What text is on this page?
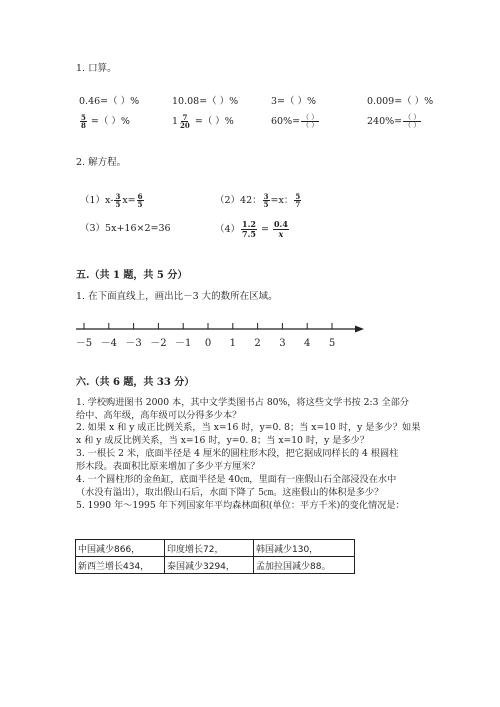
1. 口算。
0.46=（ ）%	10.08=（ ）%	3=（ ）%	0.009=（ ）%
$\frac{5}{8}$ =（ ）%	$1 \frac{7}{20}$ =（ ）%	$60\%= \frac{( )}{( )}$	$240\%= \frac{( )}{( )}$
2. 解方程。
$(1)x- \frac{3}{5} x= \frac{6}{5}$	（2）42： $\frac{3}{5} =x$： $\frac{5}{7}$
（3）5x+16×2=36	$(4) \frac{1.2}{7.5} = \frac{0.4}{x}$
五.（共 1 题，共 5 分）
1. 在下面直线上，画出比－3 大的数所在区域。
－5 －4 －3 －2 －1 0 1 2 3 4 5
六.（共 6 题，共 33 分）
1. 学校购进图书 2000 本，其中文学类图书占 80%，将这些文学书按 2:3 全部分
给中、高年级，高年级可以分得多少本？
2. 如果 x 和 y 成正比例关系，当 x=16 时，y=0. 8；当 x=10 时，y 是多少？如果
x 和 y 成反比例关系，当 x=16 时，y=0. 8；当 x=10 时，y 是多少？
3. 一根长 2 米，底面半径是 4 厘米的圆柱形木段，把它据成同样长的 4 根圆柱
形木段。表面积比原来增加了多少平方厘米？
4. 一个圆柱形的金鱼缸，底面半径是 40㎝，里面有一座假山石全部浸没在水中
（水没有溢出），取出假山石后，水面下降了 5㎝。这座假山的体积是多少？
5. 1990 年～1995 年下列国家年平均森林面积(单位：平方千米)的变化情况是：
中国减少866，	印度增长72，	韩国减少130，
新西兰增长434，	泰国减少3294，	孟加拉国减少88。
